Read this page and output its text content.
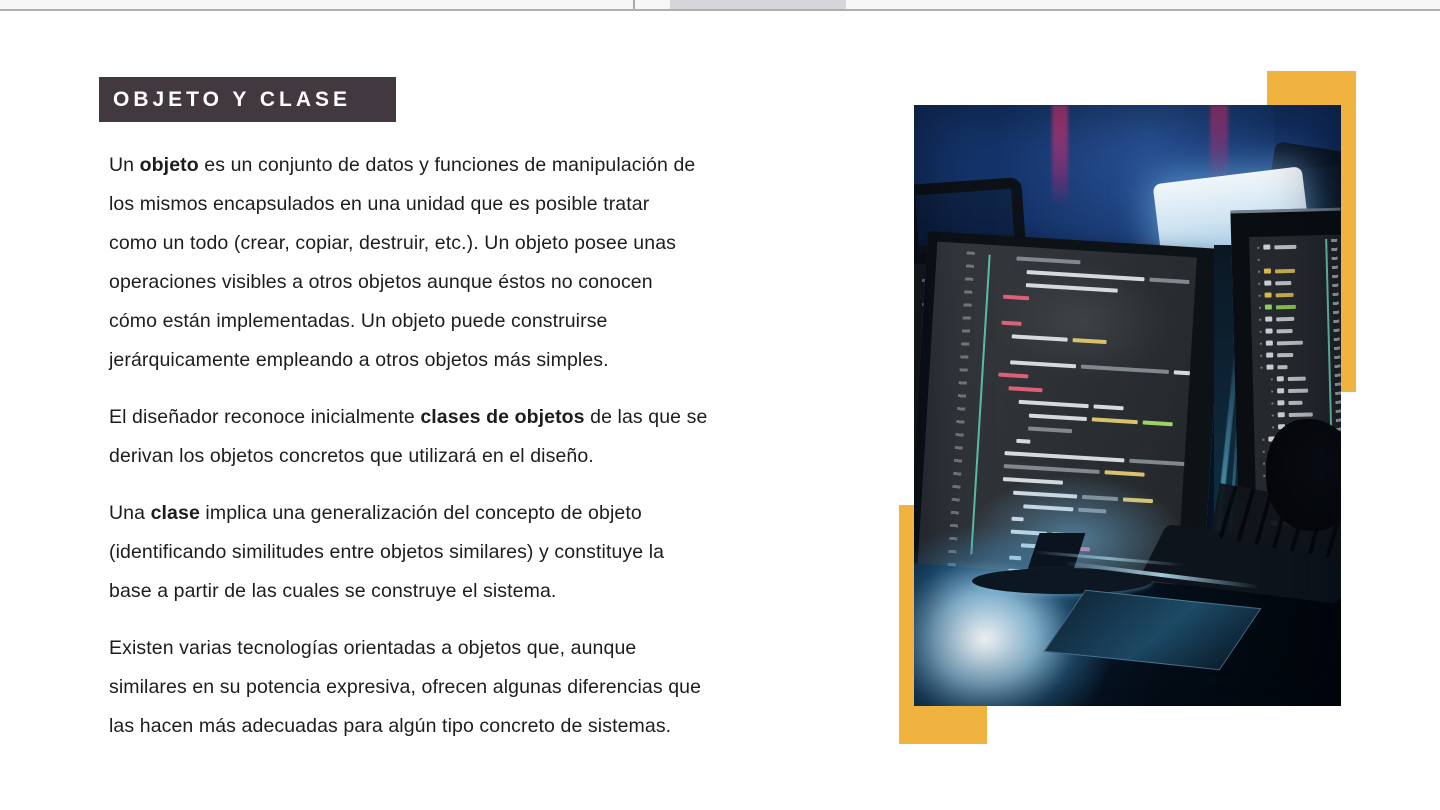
OBJETO Y CLASE
Un objeto es un conjunto de datos y funciones de manipulación de
los mismos encapsulados en una unidad que es posible tratar
como un todo (crear, copiar, destruir, etc.). Un objeto posee unas
operaciones visibles a otros objetos aunque éstos no conocen
cómo están implementadas. Un objeto puede construirse
jerárquicamente empleando a otros objetos más simples.
El diseñador reconoce inicialmente clases de objetos de las que se
derivan los objetos concretos que utilizará en el diseño.
Una clase implica una generalización del concepto de objeto
(identificando similitudes entre objetos similares) y constituye la
base a partir de las cuales se construye el sistema.
Existen varias tecnologías orientadas a objetos que, aunque
similares en su potencia expresiva, ofrecen algunas diferencias que
las hacen más adecuadas para algún tipo concreto de sistemas.
